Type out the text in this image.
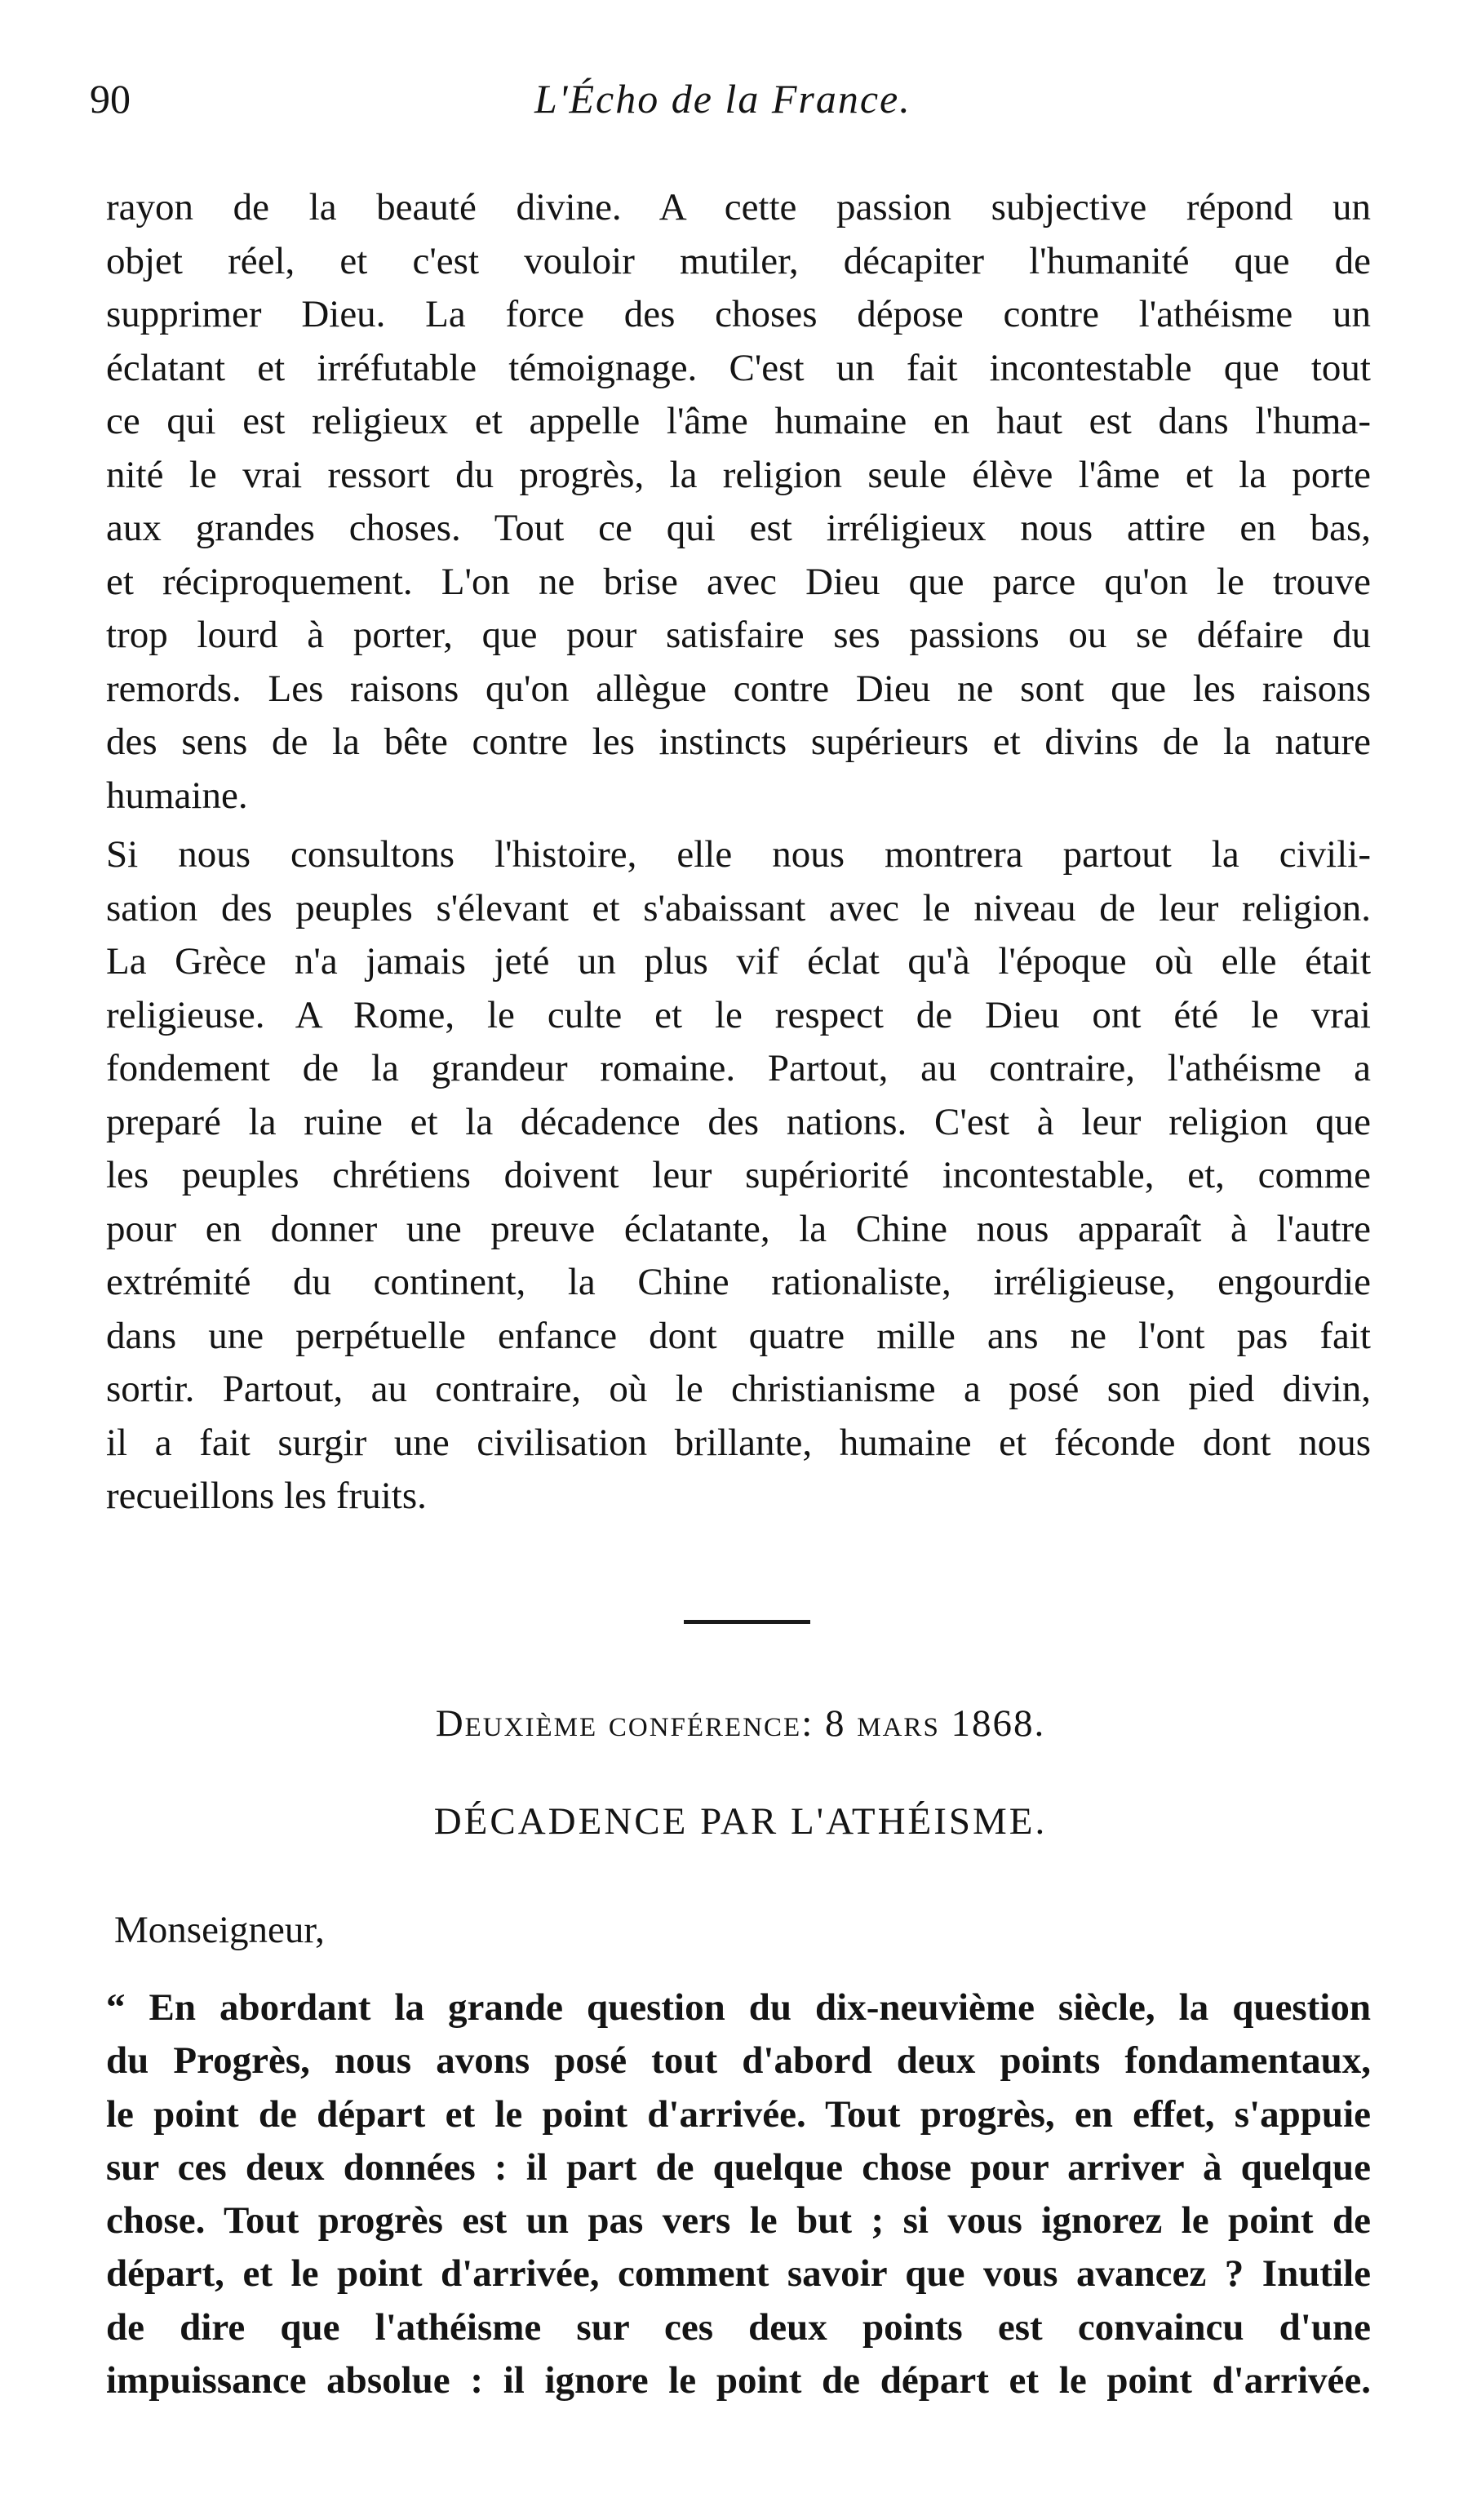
90	L'Écho de la France.
rayon de la beauté divine. A cette passion subjective répond un
objet réel, et c'est vouloir mutiler, décapiter l'humanité que de
supprimer Dieu. La force des choses dépose contre l'athéisme un
éclatant et irréfutable témoignage. C'est un fait incontestable que tout
ce qui est religieux et appelle l'âme humaine en haut est dans l'huma-
nité le vrai ressort du progrès, la religion seule élève l'âme et la porte
aux grandes choses. Tout ce qui est irréligieux nous attire en bas,
et réciproquement. L'on ne brise avec Dieu que parce qu'on le trouve
trop lourd à porter, que pour satisfaire ses passions ou se défaire du
remords. Les raisons qu'on allègue contre Dieu ne sont que les raisons
des sens de la bête contre les instincts supérieurs et divins de la nature
humaine.
Si nous consultons l'histoire, elle nous montrera partout la civili-
sation des peuples s'élevant et s'abaissant avec le niveau de leur religion.
La Grèce n'a jamais jeté un plus vif éclat qu'à l'époque où elle était
religieuse. A Rome, le culte et le respect de Dieu ont été le vrai
fondement de la grandeur romaine. Partout, au contraire, l'athéisme a
preparé la ruine et la décadence des nations. C'est à leur religion que
les peuples chrétiens doivent leur supériorité incontestable, et, comme
pour en donner une preuve éclatante, la Chine nous apparaît à l'autre
extrémité du continent, la Chine rationaliste, irréligieuse, engourdie
dans une perpétuelle enfance dont quatre mille ans ne l'ont pas fait
sortir. Partout, au contraire, où le christianisme a posé son pied divin,
il a fait surgir une civilisation brillante, humaine et féconde dont nous
recueillons les fruits.
Deuxième conférence: 8 mars 1868.
DÉCADENCE PAR L'ATHÉISME.
Monseigneur,
“ En abordant la grande question du dix-neuvième siècle, la question
du Progrès, nous avons posé tout d'abord deux points fondamentaux,
le point de départ et le point d'arrivée. Tout progrès, en effet, s'appuie
sur ces deux données : il part de quelque chose pour arriver à quelque
chose. Tout progrès est un pas vers le but ; si vous ignorez le point de
départ, et le point d'arrivée, comment savoir que vous avancez ? Inutile
de dire que l'athéisme sur ces deux points est convaincu d'une
impuissance absolue : il ignore le point de départ et le point d'arrivée.
